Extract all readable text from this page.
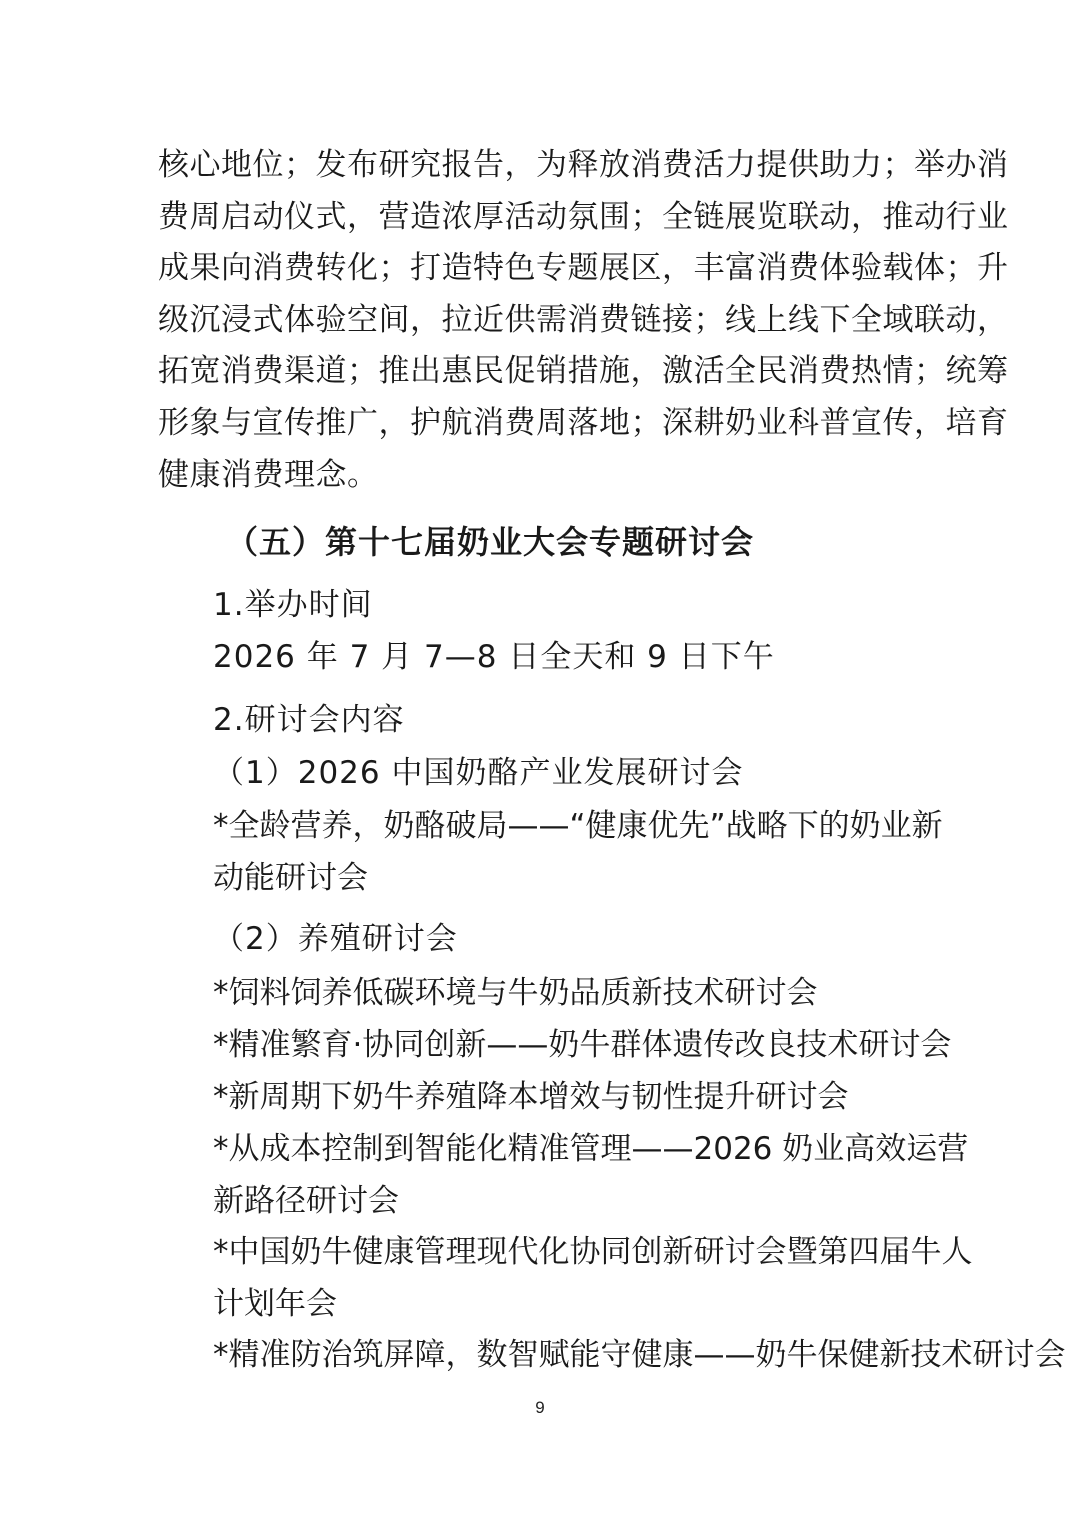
核心地位；发布研究报告，为释放消费活力提供助力；举办消
费周启动仪式，营造浓厚活动氛围；全链展览联动，推动行业
成果向消费转化；打造特色专题展区，丰富消费体验载体；升
级沉浸式体验空间，拉近供需消费链接；线上线下全域联动，
拓宽消费渠道；推出惠民促销措施，激活全民消费热情；统筹
形象与宣传推广，护航消费周落地；深耕奶业科普宣传，培育
健康消费理念。
（五）第十七届奶业大会专题研讨会
1.举办时间
2026 年 7 月 7—8 日全天和 9 日下午
2.研讨会内容
（1）2026 中国奶酪产业发展研讨会
*全龄营养，奶酪破局——“健康优先”战略下的奶业新
动能研讨会
（2）养殖研讨会
*饲料饲养低碳环境与牛奶品质新技术研讨会
*精准繁育·协同创新——奶牛群体遗传改良技术研讨会
*新周期下奶牛养殖降本增效与韧性提升研讨会
*从成本控制到智能化精准管理——2026 奶业高效运营
新路径研讨会
*中国奶牛健康管理现代化协同创新研讨会暨第四届牛人
计划年会
*精准防治筑屏障，数智赋能守健康——奶牛保健新技术研讨会
9
